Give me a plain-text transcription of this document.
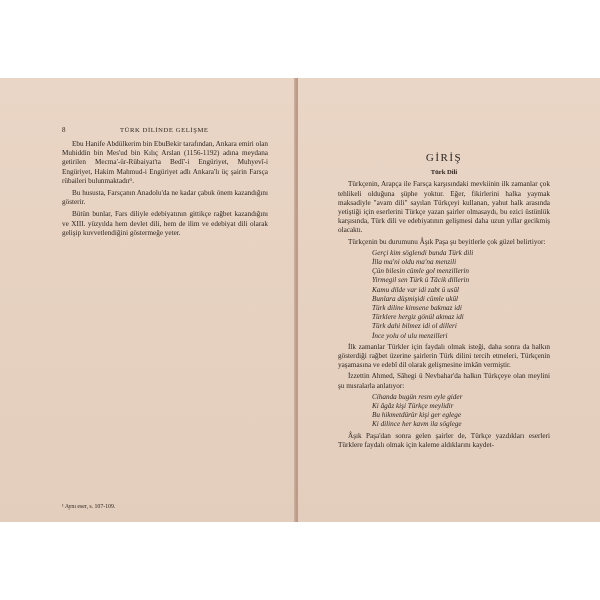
8	TÜRK DİLİNDE GELİŞME

Ebu Hanife Abdülkerim bin EbuBekir tarafından, Ankara emiri olan Muhiddin bin Mes'ud bin Kılıç Arslan (1156-1192) adına meydana getirilen Mecma'-ür-Rübaiyat'ta Bedî'-i Engüriyet, Muhyevî-i Engüriyet, Hakim Mahmud-i Engüriyet adlı Ankara'lı üç şairin Farsça rübaileri bulunmaktadır¹.

Bu hususta, Farsçanın Anadolu'da ne kadar çabuk önem kazandığını gösterir.

Bütün bunlar, Fars diliyle edebiyatının gittikçe rağbet kazandığını ve XIII. yüzyılda hem devlet dili, hem de ilim ve edebiyat dili olarak gelişip kuvvetlendiğini göstermeğe yeter.

¹ Aynı eser, s. 107-109.
GİRİŞ
Türk Dili

Türkçenin, Arapça ile Farsça karşısındaki mevkiinin ilk zamanlar çok tehlikeli olduğuna şüphe yoktur. Eğer, fikirlerini halka yaymak maksadiyle "avam dili" sayılan Türkçeyi kullanan, yahut halk arasında yetiştiği için eserlerini Türkçe yazan şairler olmasaydı, bu ezici üstünlük karşısında, Türk dili ve edebiyatının gelişmesi daha uzun yıllar gecikmiş olacaktı.

Türkçenin bu durumunu Âşık Paşa şu beyitlerle çok güzel belirtiyor:

Gerçi kim söglendi bunda Türk dili
İlla ma'ni oldu ma'na menzili
Çün bilesin cümle gol menzillerin
Yirmegil sen Türk ü Tâcik dillerin
Kamu dilde var idi zabt ü usûl
Bunlara düşmişidi cümle ukûl
Türk diline kimsene bakmaz idi
Türklere hergiz gönül akmaz idi
Türk dahi bilmez idi ol dilleri
İnce yolu ol ulu menzilleri

İlk zamanlar Türkler için faydalı olmak isteği, daha sonra da halkın gösterdiği rağbet üzerine şairlerin Türk dilini tercih etmeleri, Türkçenin yaşamasına ve edebî dil olarak gelişmesine imkân vermiştir.

İzzettin Ahmed, Sâhegi ü Nevbahar'da halkın Türkçeye olan meylini şu mısralarla anlatıyor:

Cihanda bugün resm eyle gider
Ki âgâz kişi Türkçe meylidir
Bu hikmetdürür kişi ger eglege
Ki dilince her kavm ila söglege

Âşık Paşa'dan sonra gelen şairler de, Türkçe yazdıkları eserleri Türklere faydalı olmak için kaleme aldıklarını kaydet-
